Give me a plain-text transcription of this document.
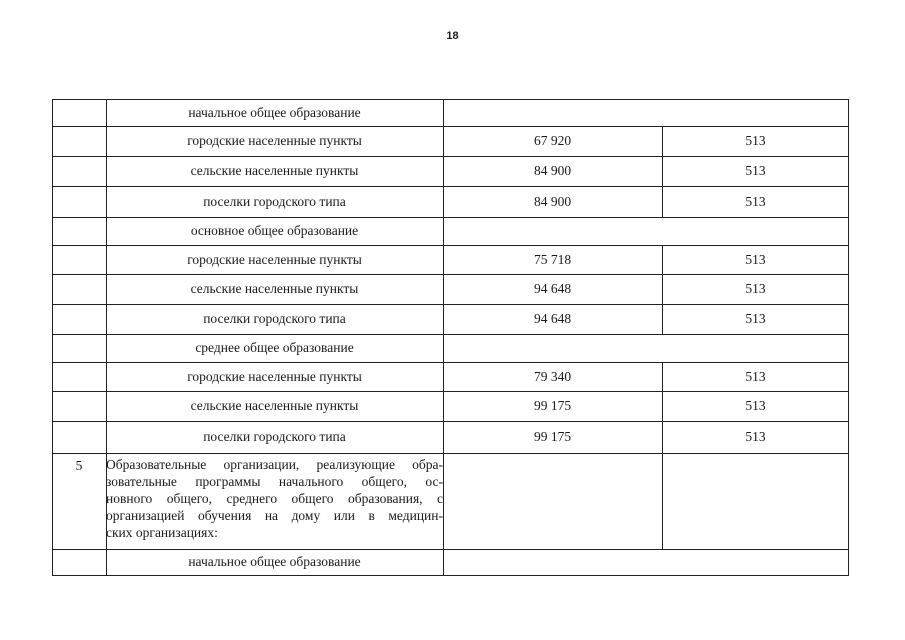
18
начальное общее образование
городские населенные пункты	67 920	513
сельские населенные пункты	84 900	513
поселки городского типа	84 900	513
основное общее образование
городские населенные пункты	75 718	513
сельские населенные пункты	94 648	513
поселки городского типа	94 648	513
среднее общее образование
городские населенные пункты	79 340	513
сельские населенные пункты	99 175	513
поселки городского типа	99 175	513
5	Образовательные организации, реализующие обра-
зовательные программы начального общего, ос-
новного общего, среднего общего образования, с
организацией обучения на дому или в медицин-
ских организациях:
начальное общее образование
